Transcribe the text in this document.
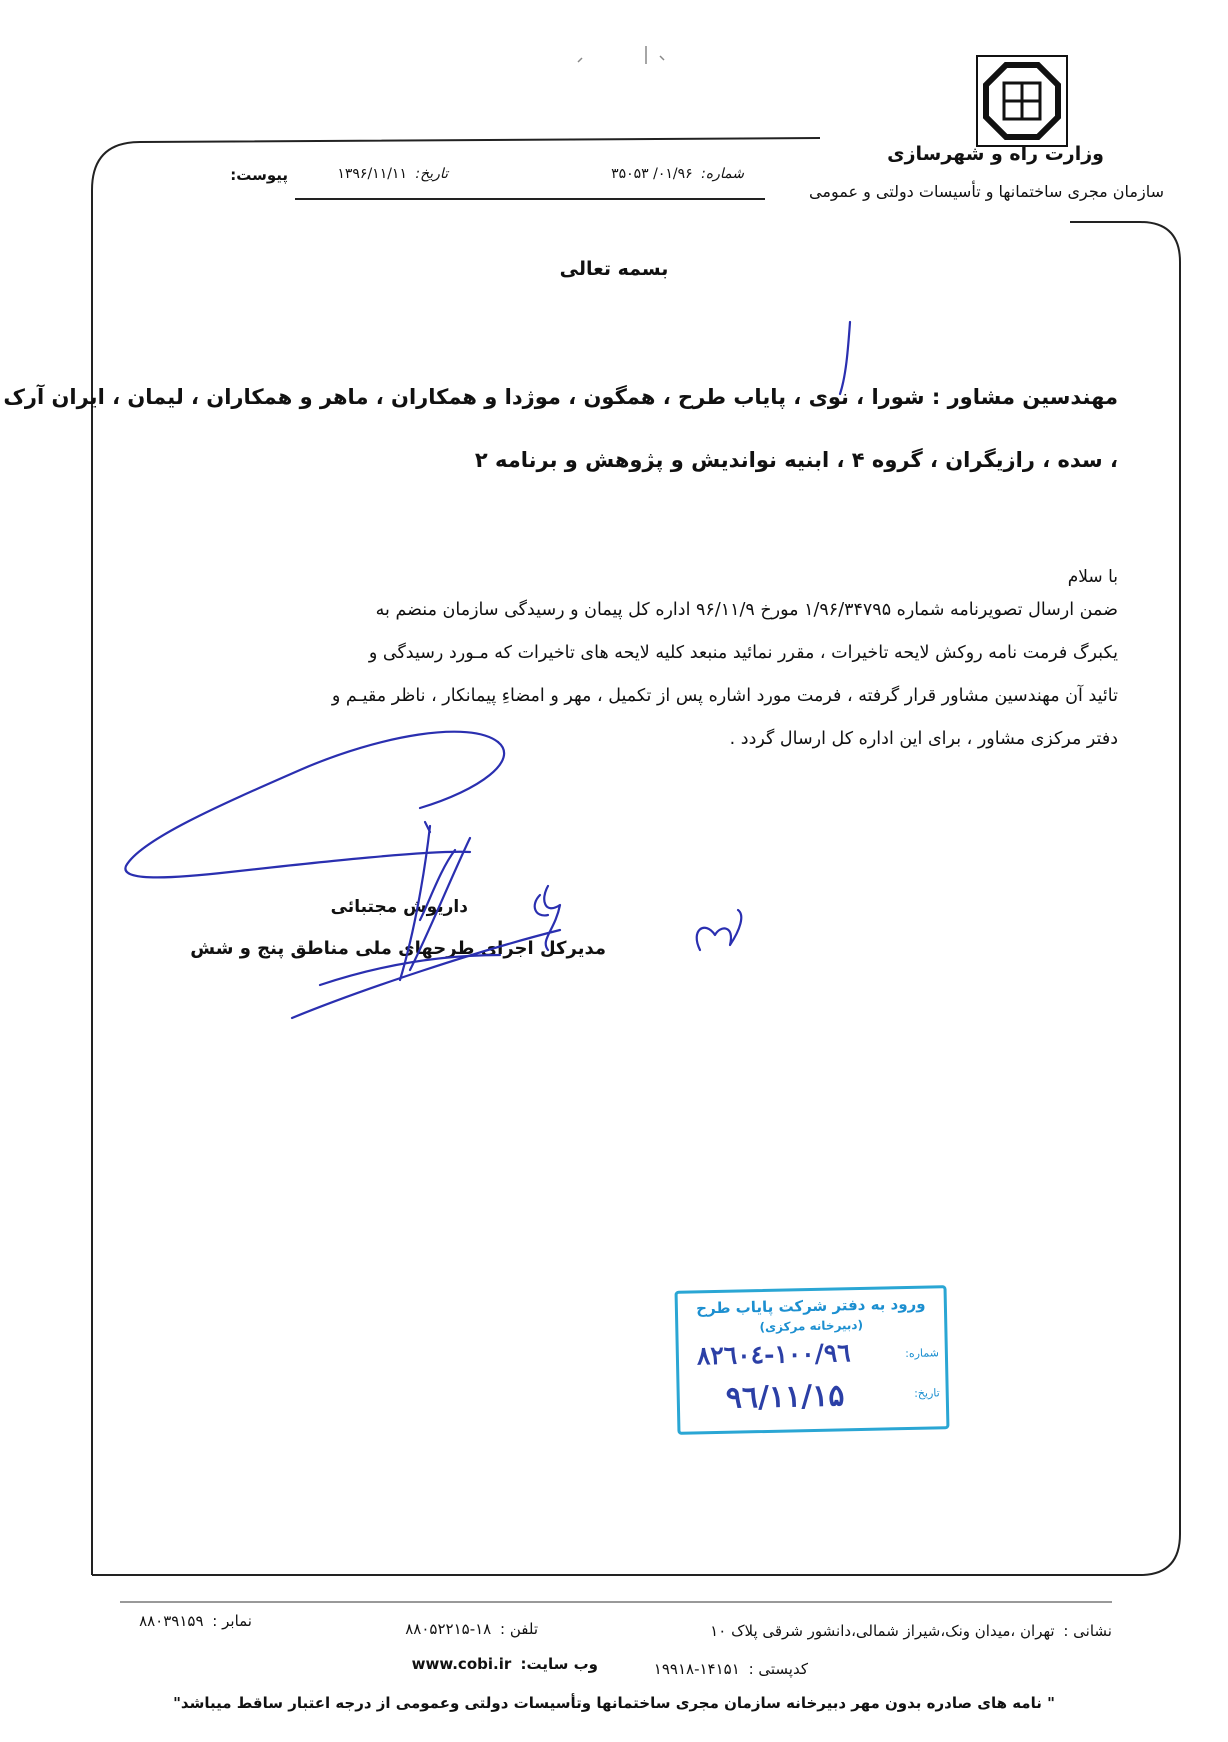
وزارت راه و شهرسازی
سازمان مجری ساختمانها و تأسیسات دولتی و عمومی
شماره: ۰۱/۹۶/ ۳۵۰۵۳
تاریخ: ۱۳۹۶/۱۱/۱۱
پیوست:
بسمه تعالی
مهندسین مشاور : شورا ، نوی ، پایاب طرح ، همگون ، موژدا و همکاران ، ماهر و همکاران ، لیمان ، ایران آرک
، سده ، رازیگران ، گروه ۴ ، ابنیه نواندیش و پژوهش و برنامه ۲
با سلام
ضمن ارسال تصویرنامه شماره ۱/۹۶/۳۴۷۹۵ مورخ ۹۶/۱۱/۹ اداره کل پیمان و رسیدگی سازمان منضم به
یکبرگ فرمت نامه روکش لایحه تاخیرات ، مقرر نمائید منبعد کلیه لایحه های تاخیرات که مـورد رسیدگی و
تائید آن مهندسین مشاور قرار گرفته ، فرمت مورد اشاره پس از تکمیل ، مهر و امضاءِ پیمانکار ، ناظر مقیـم و
دفتر مرکزی مشاور ، برای این اداره کل ارسال گردد .
داریوش مجتبائی
مدیرکل اجرای طرحهای ملی مناطق پنج و شش
ورود به دفتر شرکت پایاب طرح
(دبیرخانه مرکزی)
شماره:
تاریخ:
١٠٠/٩٦-٨٢٦٠٤
٩٦/١١/١۵
نشانی : تهران ،میدان ونک،شیراز شمالی،دانشور شرقی پلاک ۱۰
تلفن : ۱۸-۸۸۰۵۲۲۱۵
نمابر : ۸۸۰۳۹۱۵۹
کدپستی : ۱۴۱۵۱-۱۹۹۱۸
وب سایت: www.cobi.ir
" نامه های صادره بدون مهر دبیرخانه سازمان مجری ساختمانها وتأسیسات دولتی وعمومی از درجه اعتبار ساقط میباشد"
